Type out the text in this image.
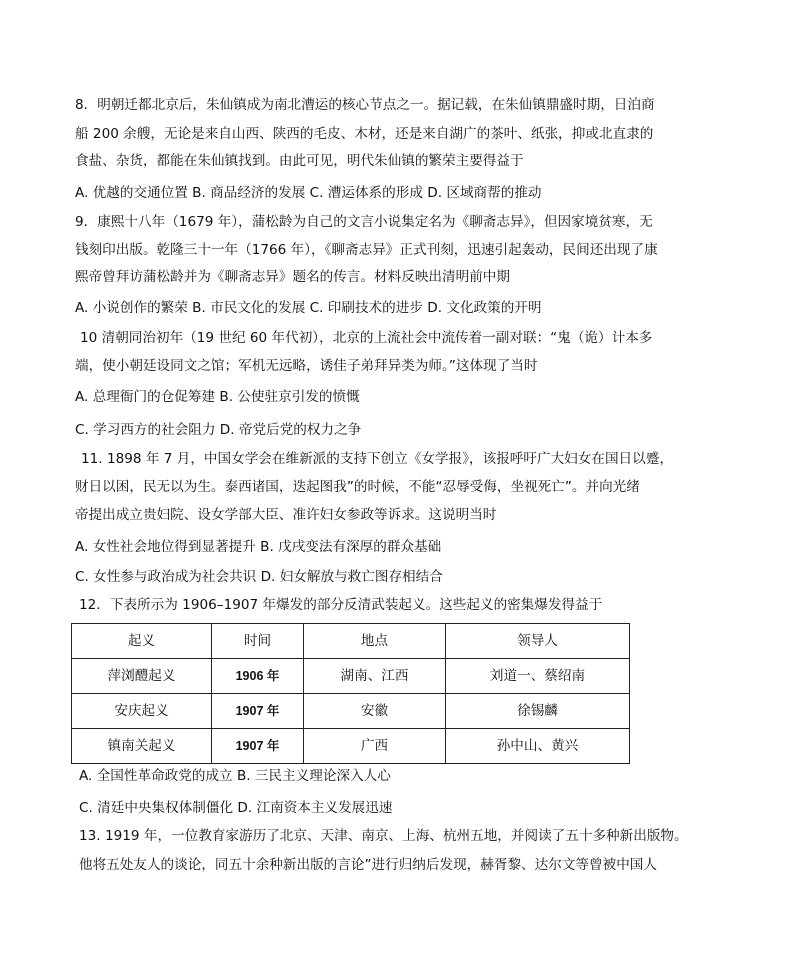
8．明朝迁都北京后，朱仙镇成为南北漕运的核心节点之一。据记载，在朱仙镇鼎盛时期，日泊商
船 200 余艘，无论是来自山西、陕西的毛皮、木材，还是来自湖广的茶叶、纸张，抑或北直隶的
食盐、杂货，都能在朱仙镇找到。由此可见，明代朱仙镇的繁荣主要得益于
A. 优越的交通位置 B. 商品经济的发展 C. 漕运体系的形成 D. 区域商帮的推动
9．康熙十八年（1679 年），蒲松龄为自己的文言小说集定名为《聊斋志异》，但因家境贫寒，无
钱刻印出版。乾隆三十一年（1766 年），《聊斋志异》正式刊刻，迅速引起轰动，民间还出现了康
熙帝曾拜访蒲松龄并为《聊斋志异》题名的传言。材料反映出清明前中期
A. 小说创作的繁荣 B. 市民文化的发展 C. 印刷技术的进步 D. 文化政策的开明
10 清朝同治初年（19 世纪 60 年代初），北京的上流社会中流传着一副对联：“鬼（诡）计本多
端，使小朝廷设同文之馆；军机无远略，诱佳子弟拜异类为师。”这体现了当时
A. 总理衙门的仓促筹建 B. 公使驻京引发的愤慨
C. 学习西方的社会阻力 D. 帝党后党的权力之争
11. 1898 年 7 月，中国女学会在维新派的支持下创立《女学报》，该报呼吁广大妇女在国日以蹙，
财日以困，民无以为生。泰西诸国，迭起图我”的时候，不能“忍辱受侮，坐视死亡”。并向光绪
帝提出成立贵妇院、设女学部大臣、准许妇女参政等诉求。这说明当时
A. 女性社会地位得到显著提升 B. 戊戌变法有深厚的群众基础
C. 女性参与政治成为社会共识 D. 妇女解放与救亡图存相结合
12．下表所示为 1906–1907 年爆发的部分反清武装起义。这些起义的密集爆发得益于
起义	时间	地点	领导人
萍浏醴起义	1906 年	湖南、江西	刘道一、蔡绍南
安庆起义	1907 年	安徽	徐锡麟
镇南关起义	1907 年	广西	孙中山、黄兴
A. 全国性革命政党的成立 B. 三民主义理论深入人心
C. 清廷中央集权体制僵化 D. 江南资本主义发展迅速
13. 1919 年，一位教育家游历了北京、天津、南京、上海、杭州五地，并阅读了五十多种新出版物。
他将五处友人的谈论，同五十余种新出版的言论”进行归纳后发现，赫胥黎、达尔文等曾被中国人
